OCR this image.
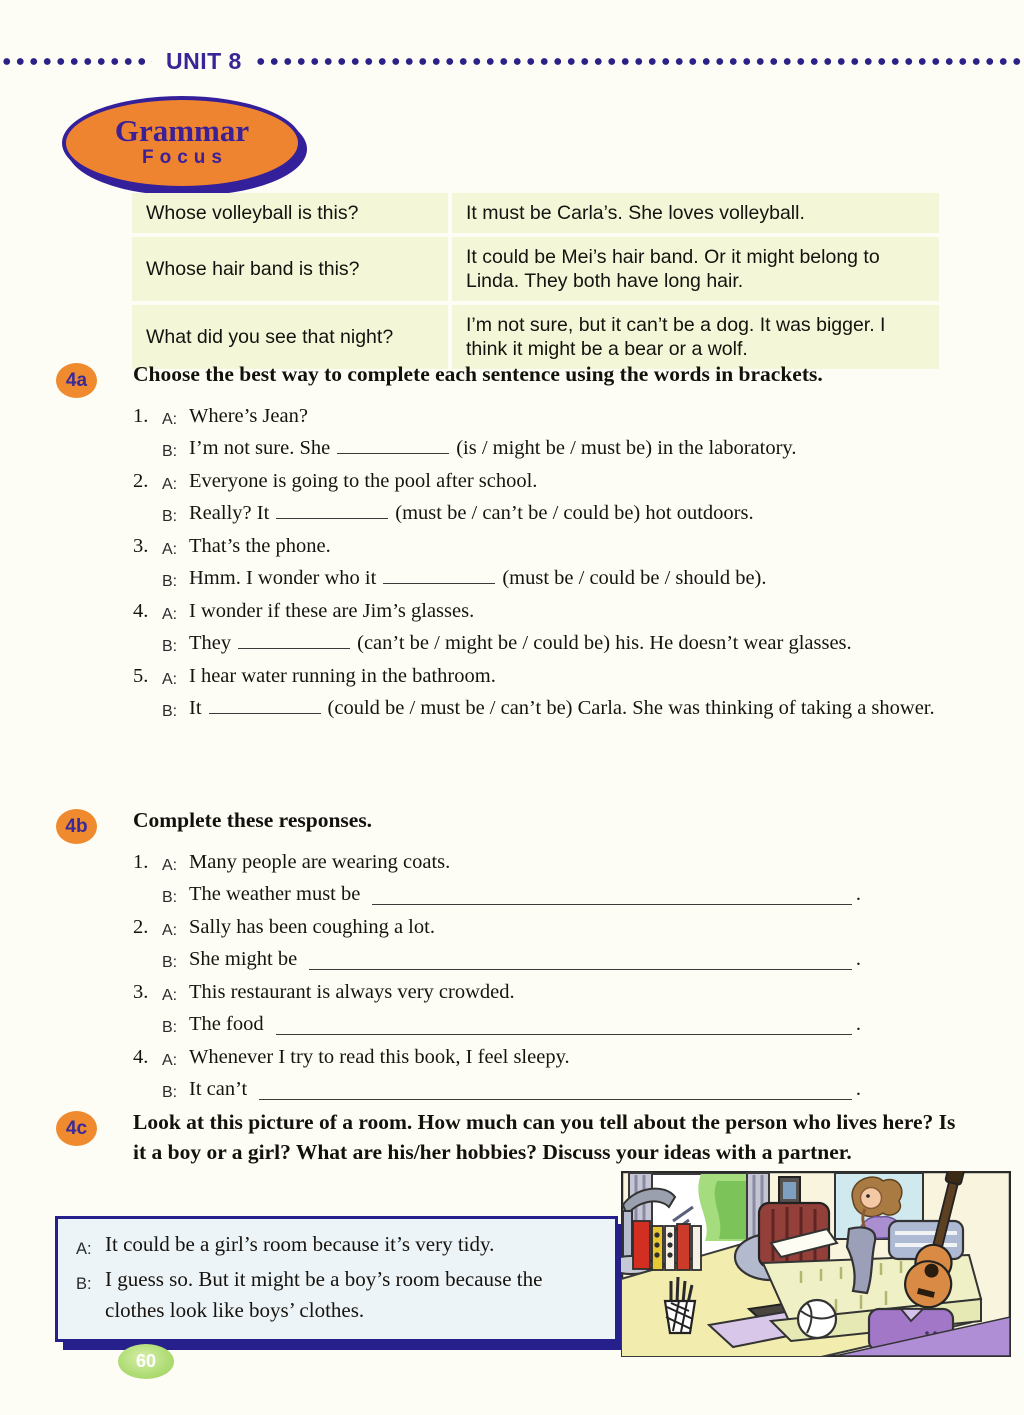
UNIT 8
Grammar
Focus
Whose volleyball is this?	It must be Carla’s. She loves volleyball.
Whose hair band is this?	It could be Mei’s hair band. Or it might belong to Linda. They both have long hair.
What did you see that night?	I’m not sure, but it can’t be a dog. It was bigger. I think it might be a bear or a wolf.
4a	Choose the best way to complete each sentence using the words in brackets.
1. A: Where’s Jean?
B: I’m not sure. She	(is / might be / must be) in the laboratory.
2. A: Everyone is going to the pool after school.
B: Really? It	(must be / can’t be / could be) hot outdoors.
3. A: That’s the phone.
B: Hmm. I wonder who it	(must be / could be / should be).
4. A: I wonder if these are Jim’s glasses.
B: They	(can’t be / might be / could be) his. He doesn’t wear glasses.
5. A: I hear water running in the bathroom.
B: It	(could be / must be / can’t be) Carla. She was thinking of taking a shower.
4b	Complete these responses.
1. A: Many people are wearing coats.
B: The weather must be	.
2. A: Sally has been coughing a lot.
B: She might be	.
3. A: This restaurant is always very crowded.
B: The food	.
4. A: Whenever I try to read this book, I feel sleepy.
B: It can’t	.
4c	Look at this picture of a room. How much can you tell about the person who lives here? Is it a boy or a girl? What are his/her hobbies? Discuss your ideas with a partner.
A: It could be a girl’s room because it’s very tidy.
B: I guess so. But it might be a boy’s room because the clothes look like boys’ clothes.
60
